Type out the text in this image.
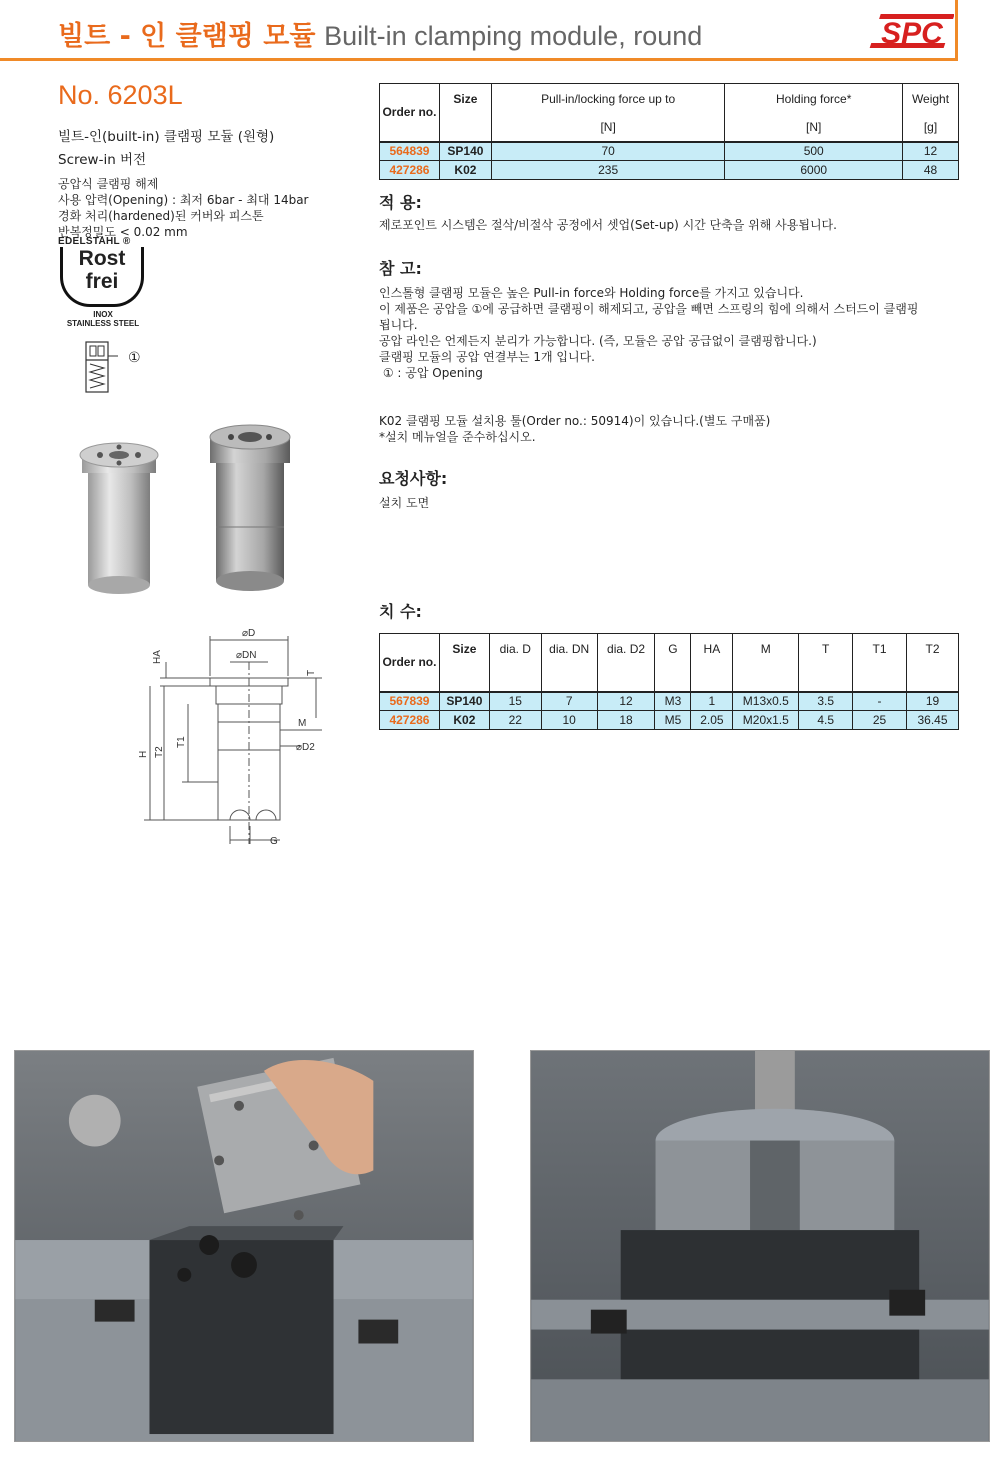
빌트 - 인 클램핑 모듈 Built-in clamping module, round	SPC
No. 6203L
빌트-인(built-in) 클램핑 모듈 (원형)
Screw-in 버전
공압식 클램핑 해제
사용 압력(Opening) : 최저 6bar - 최대 14bar
경화 처리(hardened)된 커버와 피스톤
반복정밀도 < 0.02 mm
EDELSTAHL ®
Rost
frei
INOX
STAINLESS STEEL
①
⌀D
⌀DN
HA
T
M
⌀D2
H T2
T1
G
Order no.	Size	Pull-in/locking force up to	Holding force*	Weight
		[N]	[N]	[g]
564839	SP140	70	500	12
427286	K02	235	6000	48
적 용:
제로포인트 시스템은 절삭/비절삭 공정에서 셋업(Set-up) 시간 단축을 위해 사용됩니다.
참 고:
인스톨형 클램핑 모듈은 높은 Pull-in force와 Holding force를 가지고 있습니다.
이 제품은 공압을 ①에 공급하면 클램핑이 해제되고, 공압을 빼면 스프링의 힘에 의해서 스터드이 클램핑
됩니다.
공압 라인은 언제든지 분리가 가능합니다. (즉, 모듈은 공압 공급없이 클램핑합니다.)
클램핑 모듈의 공압 연결부는 1개 입니다.
① : 공압 Opening
K02 클램핑 모듈 설치용 툴(Order no.: 50914)이 있습니다.(별도 구매품)
*설치 메뉴얼을 준수하십시오.
요청사항:
설치 도면
치 수:
Order no.	Size	dia. D	dia. DN	dia. D2	G	HA	M	T	T1	T2
567839	SP140	15	7	12	M3	1	M13x0.5	3.5	-	19
427286	K02	22	10	18	M5	2.05	M20x1.5	4.5	25	36.45
